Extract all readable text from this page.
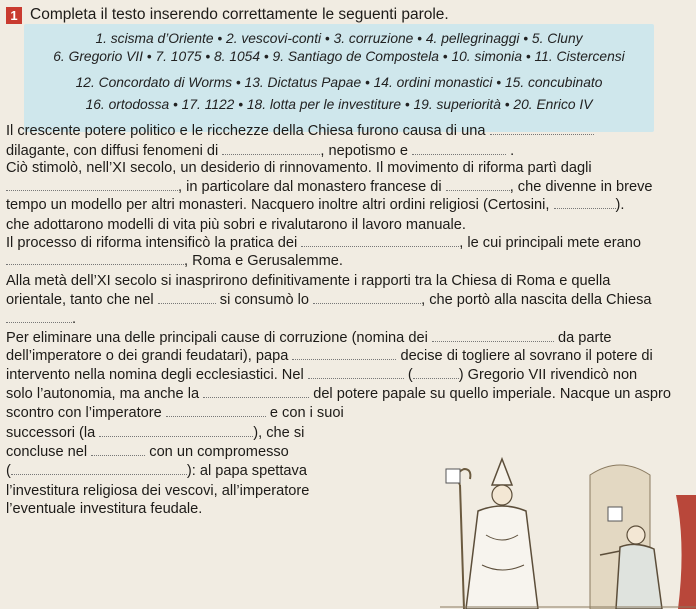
1 Completa il testo inserendo correttamente le seguenti parole.
1. scisma d’Oriente • 2. vescovi-conti • 3. corruzione • 4. pellegrinaggi • 5. Cluny
6. Gregorio VII • 7. 1075 • 8. 1054 • 9. Santiago de Compostela • 10. simonia • 11. Cistercensi
12. Concordato di Worms • 13. Dictatus Papae • 14. ordini monastici • 15. concubinato
16. ortodossa • 17. 1122 • 18. lotta per le investiture • 19. superiorità • 20. Enrico IV
Il crescente potere politico e le ricchezze della Chiesa furono causa di una
dilagante, con diffusi fenomeni di	, nepotismo e	.
Ciò stimolò, nell’XI secolo, un desiderio di rinnovamento. Il movimento di riforma partì dagli
, in particolare dal monastero francese di	, che divenne in breve
tempo un modello per altri monasteri. Nacquero inoltre altri ordini religiosi (Certosini,	).
che adottarono modelli di vita più sobri e rivalutarono il lavoro manuale.
Il processo di riforma intensificò la pratica dei	, le cui principali mete erano
, Roma e Gerusalemme.
Alla metà dell’XI secolo si inasprirono definitivamente i rapporti tra la Chiesa di Roma e quella
orientale, tanto che nel	si consumò lo	, che portò alla nascita della Chiesa
.
Per eliminare una delle principali cause di corruzione (nomina dei	da parte
dell’imperatore o dei grandi feudatari), papa	decise di togliere al sovrano il potere di
intervento nella nomina degli ecclesiastici. Nel	(	) Gregorio VII rivendicò non
solo l’autonomia, ma anche la	del potere papale su quello imperiale. Nacque un aspro
scontro con l’imperatore	e con i suoi
successori (la	), che si
concluse nel	con un compromesso
(	): al papa spettava
l’investitura religiosa dei vescovi, all’imperatore
l’eventuale investitura feudale.
